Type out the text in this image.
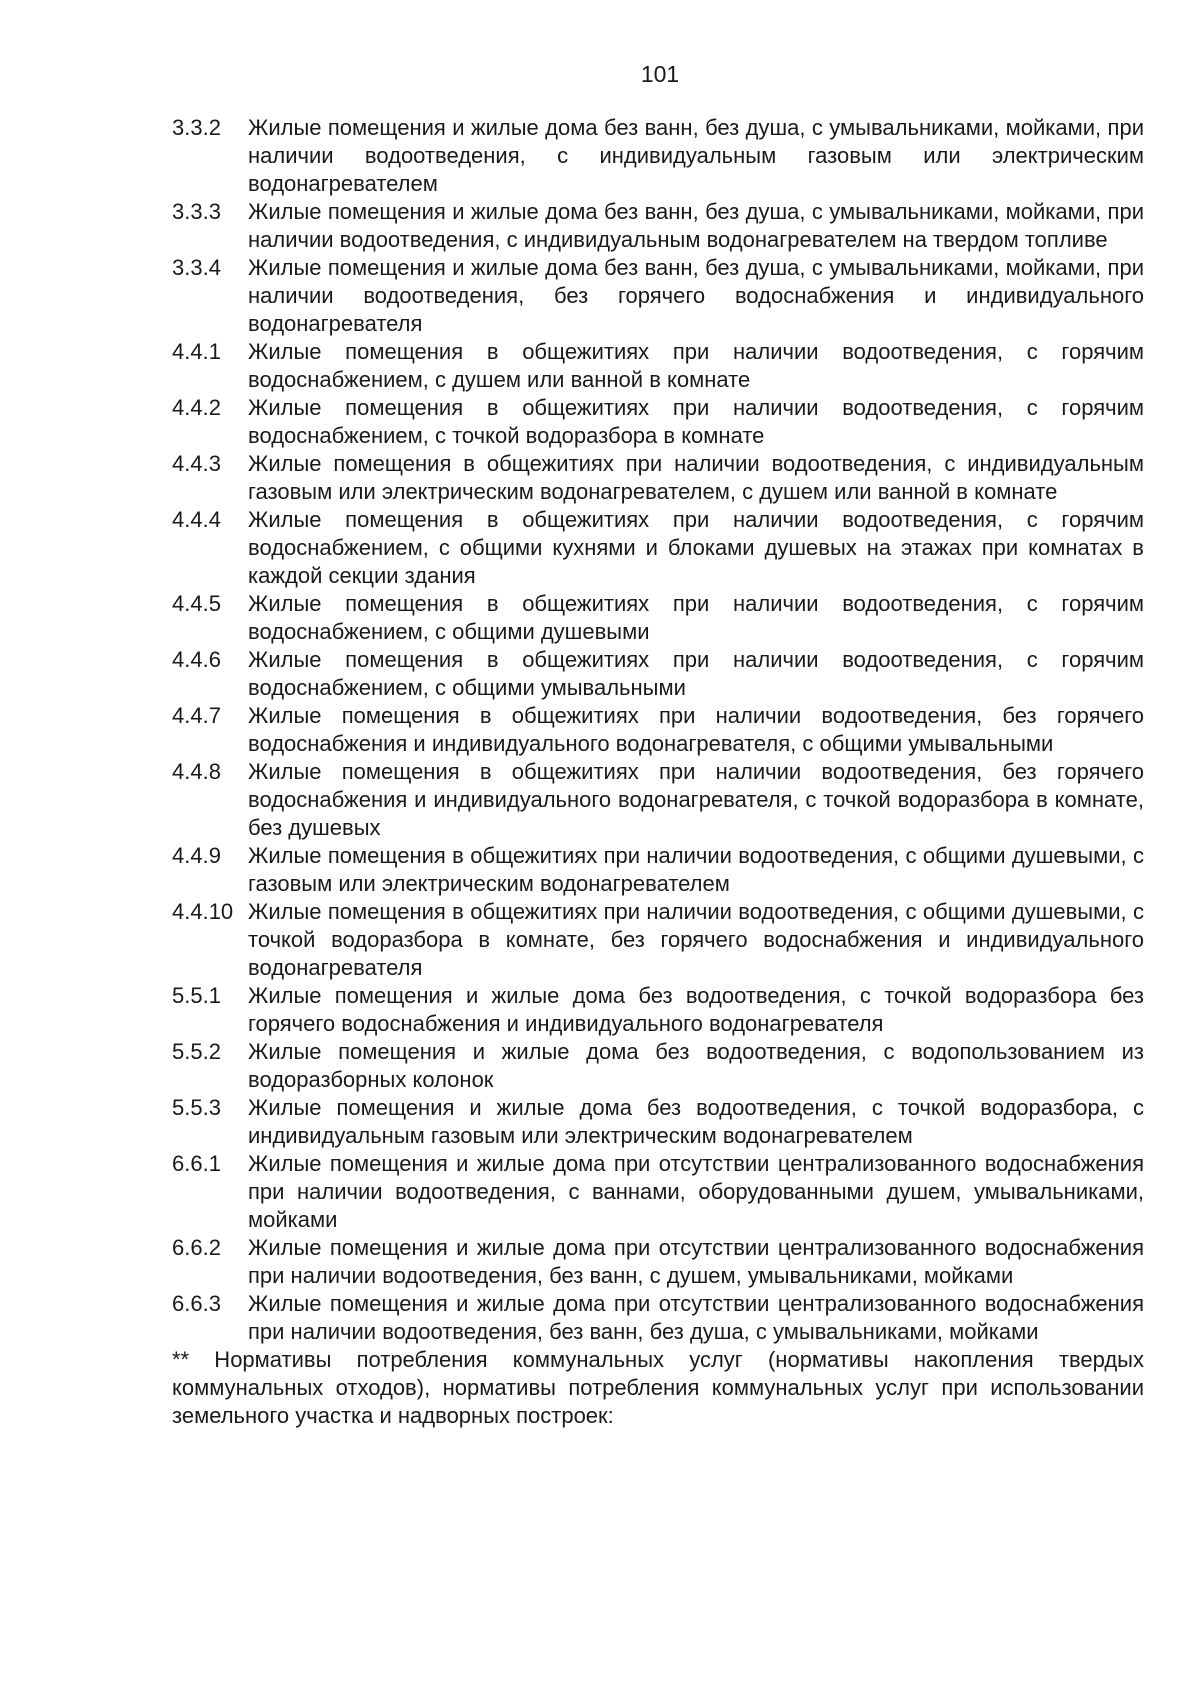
101
3.3.2	Жилые помещения и жилые дома без ванн, без душа, с умывальниками, мойками, при наличии водоотведения, с индивидуальным газовым или электрическим водонагревателем
3.3.3	Жилые помещения и жилые дома без ванн, без душа, с умывальниками, мойками, при наличии водоотведения, с индивидуальным водонагревателем на твердом топливе
3.3.4	Жилые помещения и жилые дома без ванн, без душа, с умывальниками, мойками, при наличии водоотведения, без горячего водоснабжения и индивидуального водонагревателя
4.4.1	Жилые помещения в общежитиях при наличии водоотведения, с горячим водоснабжением, с душем или ванной в комнате
4.4.2	Жилые помещения в общежитиях при наличии водоотведения, с горячим водоснабжением, с точкой водоразбора в комнате
4.4.3	Жилые помещения в общежитиях при наличии водоотведения, с индивидуальным газовым или электрическим водонагревателем, с душем или ванной в комнате
4.4.4	Жилые помещения в общежитиях при наличии водоотведения, с горячим водоснабжением, с общими кухнями и блоками душевых на этажах при комнатах в каждой секции здания
4.4.5	Жилые помещения в общежитиях при наличии водоотведения, с горячим водоснабжением, с общими душевыми
4.4.6	Жилые помещения в общежитиях при наличии водоотведения, с горячим водоснабжением, с общими умывальными
4.4.7	Жилые помещения в общежитиях при наличии водоотведения, без горячего водоснабжения и индивидуального водонагревателя, с общими умывальными
4.4.8	Жилые помещения в общежитиях при наличии водоотведения, без горячего водоснабжения и индивидуального водонагревателя, с точкой водоразбора в комнате, без душевых
4.4.9	Жилые помещения в общежитиях при наличии водоотведения, с общими душевыми, с газовым или электрическим водонагревателем
4.4.10 Жилые помещения в общежитиях при наличии водоотведения, с общими душевыми, с точкой водоразбора в комнате, без горячего водоснабжения и индивидуального водонагревателя
5.5.1	Жилые помещения и жилые дома без водоотведения, с точкой водоразбора без горячего водоснабжения и индивидуального водонагревателя
5.5.2	Жилые помещения и жилые дома без водоотведения, с водопользованием из водоразборных колонок
5.5.3	Жилые помещения и жилые дома без водоотведения, с точкой водоразбора, с индивидуальным газовым или электрическим водонагревателем
6.6.1	Жилые помещения и жилые дома при отсутствии централизованного водоснабжения при наличии водоотведения, с ваннами, оборудованными душем, умывальниками, мойками
6.6.2	Жилые помещения и жилые дома при отсутствии централизованного водоснабжения при наличии водоотведения, без ванн, с душем, умывальниками, мойками
6.6.3	Жилые помещения и жилые дома при отсутствии централизованного водоснабжения при наличии водоотведения, без ванн, без душа, с умывальниками, мойками
** Нормативы потребления коммунальных услуг (нормативы накопления твердых коммунальных отходов), нормативы потребления коммунальных услуг при использовании земельного участка и надворных построек:
